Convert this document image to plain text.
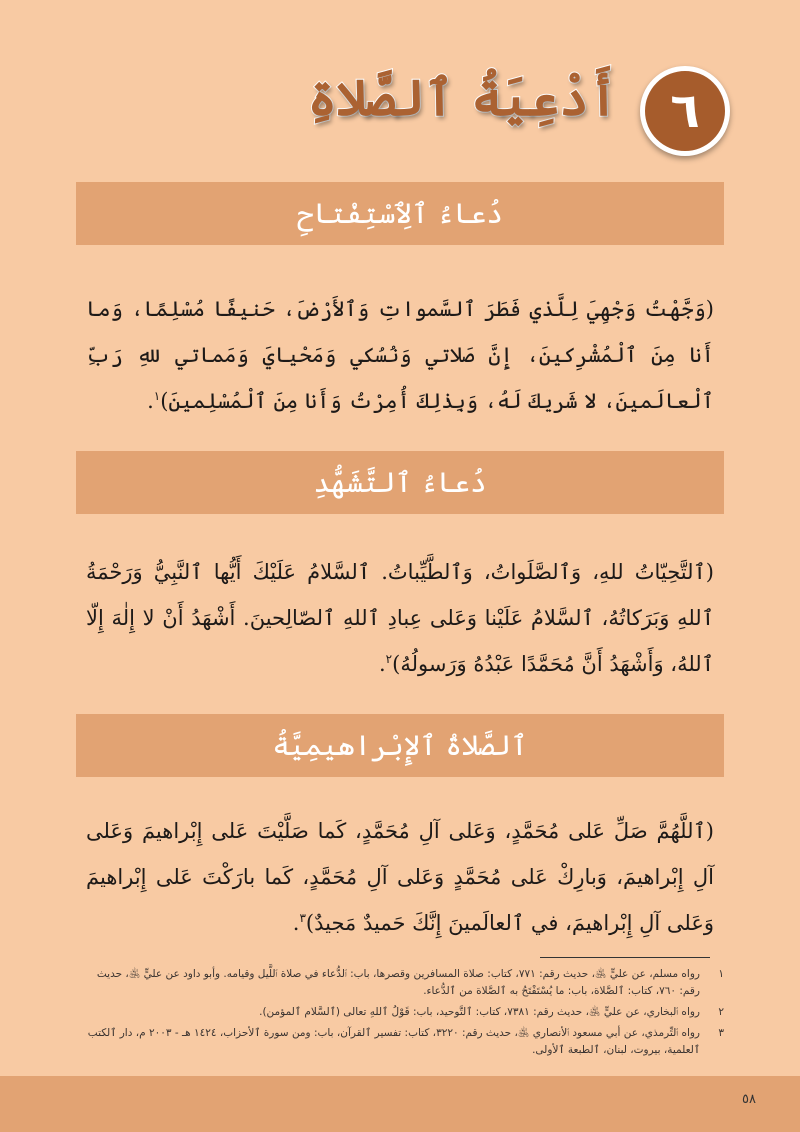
٦
أَدْعِيَةُ ٱلصَّلاةِ
دُعاءُ ٱلِٱسْتِفْتاحِ
(وَجَّهْتُ وَجْهِيَ لِلَّذي فَطَرَ ٱلسَّمواتِ وَٱلأَرْضَ، حَنيفًا مُسْلِمًا، وَما أَنا مِنَ ٱلْمُشْرِكينَ، إِنَّ صَلاتي وَنُسُكي وَمَحْيايَ وَمَماتي للهِ رَبِّ ٱلْعالَمينَ، لا شَريكَ لَهُ، وَبِذٰلِكَ أُمِرْتُ وَأَنا مِنَ ٱلْمُسْلِمينَ)$^١$.
دُعاءُ ٱلتَّشَهُّدِ
(ٱلتَّحِيّاتُ للهِ، وَٱلصَّلَواتُ، وَٱلطَّيِّباتُ. ٱلسَّلامُ عَلَيْكَ أَيُّها ٱلنَّبِيُّ وَرَحْمَةُ ٱللهِ وَبَرَكاتُهُ، ٱلسَّلامُ عَلَيْنا وَعَلى عِبادِ ٱللهِ ٱلصّالِحينَ. أَشْهَدُ أَنْ لا إِلٰهَ إِلّا ٱللهُ، وَأَشْهَدُ أَنَّ مُحَمَّدًا عَبْدُهُ وَرَسولُهُ)$^٢$.
ٱلصَّلاةُ ٱلإِبْراهيمِيَّةُ
(ٱللَّهُمَّ صَلِّ عَلى مُحَمَّدٍ، وَعَلى آلِ مُحَمَّدٍ، كَما صَلَّيْتَ عَلى إِبْراهيمَ وَعَلى آلِ إِبْراهيمَ، وَبارِكْ عَلى مُحَمَّدٍ وَعَلى آلِ مُحَمَّدٍ، كَما بارَكْتَ عَلى إِبْراهيمَ وَعَلى آلِ إِبْراهيمَ، في ٱلعالَمينَ إِنَّكَ حَميدٌ مَجيدٌ)$^٣$.
١
رواه مسلم، عن عليٍّ ﵁، حديث رقم: ٧٧١، كتاب: صلاة المسافرين وقصرها، باب: ٱلدُّعاء في صلاة ٱللَّيل وقيامه. وأبو داود عن عليٍّ ﵁، حديث رقم: ٧٦٠، كتاب: ٱلصَّلاة، باب: ما يُسْتَفْتَحُ به ٱلصَّلاة من ٱلدُّعاء.
٢
رواه ٱلبخاري، عن عليٍّ ﵁، حديث رقم: ٧٣٨١، كتاب: ٱلتَّوحيد، باب: قَوْلُ ٱللهِ تعالى (ٱلسَّلام ٱلمؤمن).
٣
رواه ٱلتِّرمذي، عن أبي مسعود ٱلأنصاري ﵁، حديث رقم: ٣٢٢٠، كتاب: تفسير ٱلقرآن، باب: ومن سورة ٱلأحزاب، ١٤٢٤ هـ - ٢٠٠٣ م، دار ٱلكتب ٱلعلمية، بيروت، لبنان، ٱلطبعة ٱلأولى.
٥٨
